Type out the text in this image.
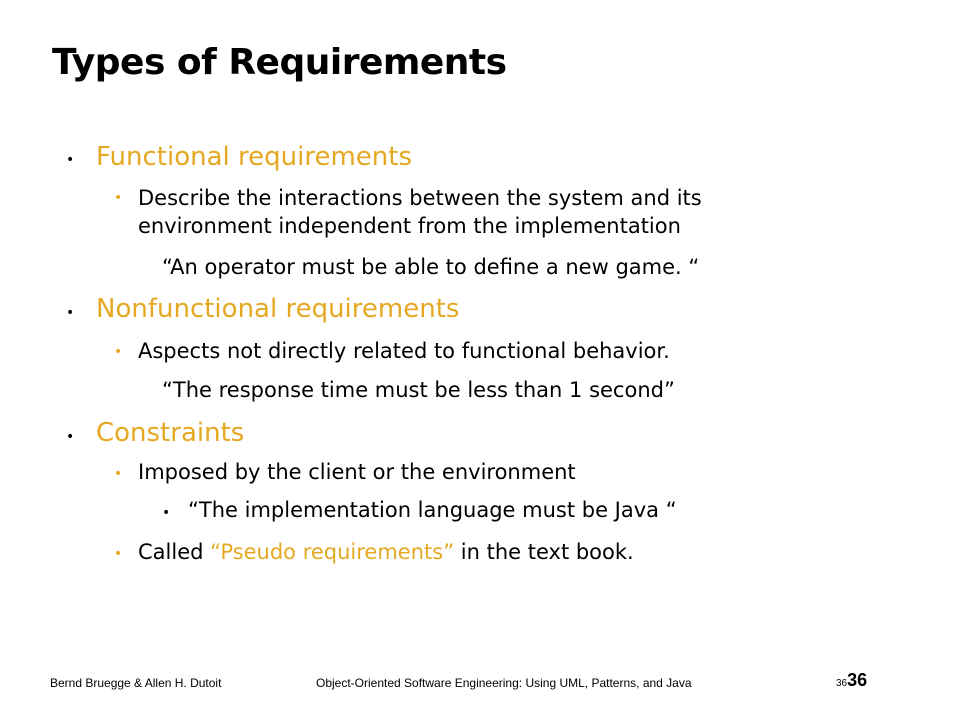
Types of Requirements
• Functional requirements
• Describe the interactions between the system and its
environment independent from the implementation
“An operator must be able to define a new game. “
• Nonfunctional requirements
• Aspects not directly related to functional behavior.
“The response time must be less than 1 second”
• Constraints
• Imposed by the client or the environment
• “The implementation language must be Java “
• Called “Pseudo requirements” in the text book.
Bernd Bruegge & Allen H. Dutoit	Object-Oriented Software Engineering: Using UML, Patterns, and Java	3636
